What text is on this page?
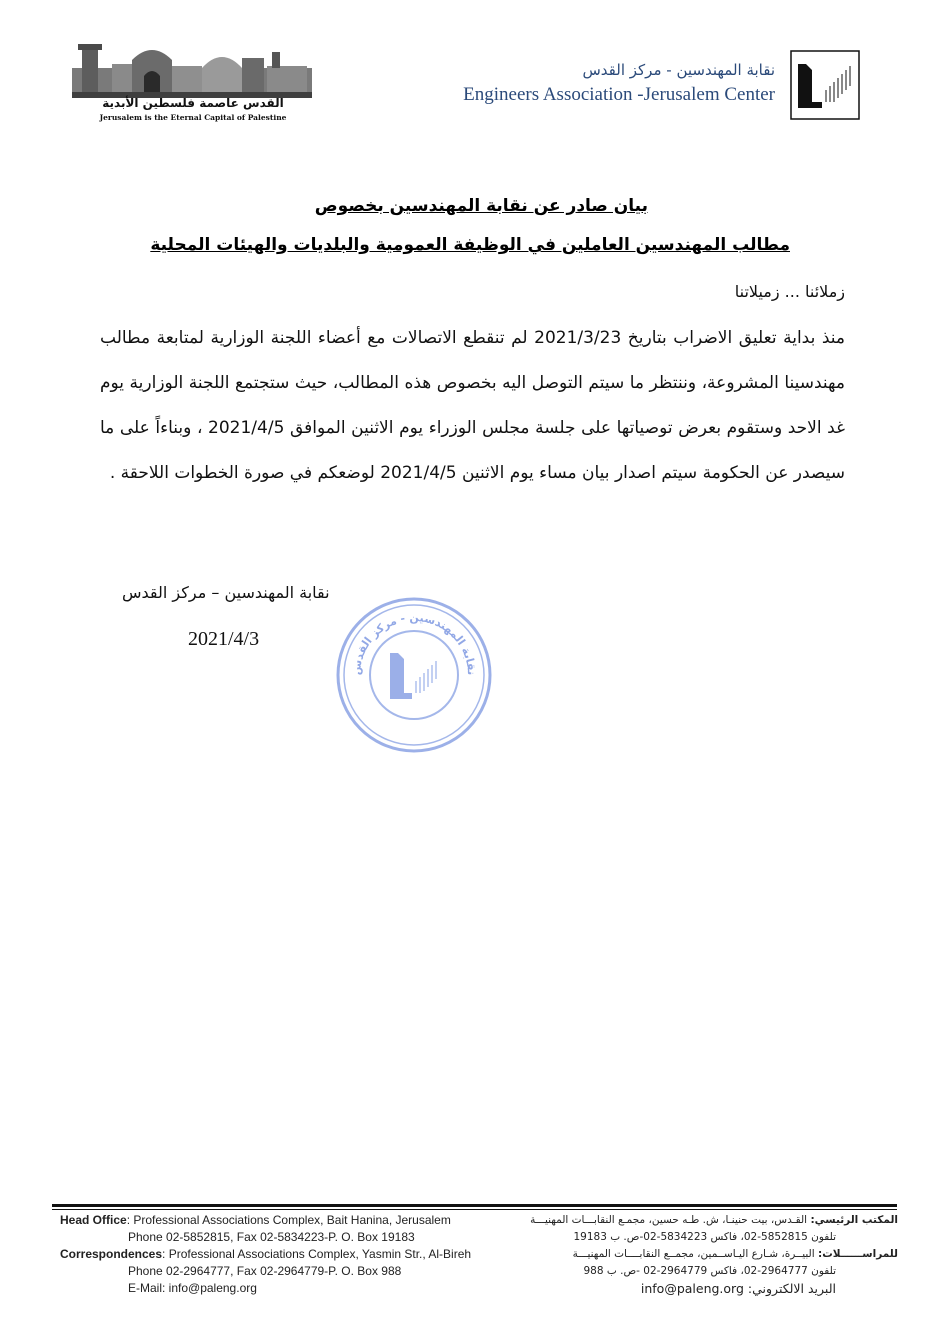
القدس عاصمة فلسطين الأبدية
Jerusalem is the Eternal Capital of Palestine
نقابة المهندسين - مركز القدس
Engineers Association -Jerusalem Center
بيان صادر عن نقابة المهندسين بخصوص
مطالب المهندسين العاملين في الوظيفة العمومية والبلديات والهيئات المحلية
زملائنا ... زميلاتنا
منذ بداية تعليق الاضراب بتاريخ 2021/3/23 لم تنقطع الاتصالات مع أعضاء اللجنة الوزارية لمتابعة مطالب مهندسينا المشروعة، وننتظر ما سيتم التوصل اليه بخصوص هذه المطالب، حيث ستجتمع اللجنة الوزارية يوم غد الاحد وستقوم بعرض توصياتها على جلسة مجلس الوزراء يوم الاثنين الموافق 2021/4/5 ، وبناءاً على ما سيصدر عن الحكومة سيتم اصدار بيان مساء يوم الاثنين 2021/4/5 لوضعكم في صورة الخطوات اللاحقة .
نقابة المهندسين – مركز القدس
2021/4/3
نقابة المهندسين - مركز القدس
Head Office: Professional Associations Complex, Bait Hanina, Jerusalem
Phone 02-5852815, Fax 02-5834223-P. O. Box 19183
Correspondences: Professional Associations Complex, Yasmin Str., Al-Bireh
Phone 02-2964777, Fax 02-2964779-P. O. Box 988
E-Mail: info@paleng.org
المكتب الرئيسي: القـدس، بيت حنينـا، ش. طـه حسين، مجمـع النقابـــات المهنيـــة
تلفون 5852815-02، فاكس 5834223-02-ص. ب 19183
للمراســــــلات: البيــرة، شـارع اليـاســمين، مجمــع النقابــــات المهنيـــة
تلفون 2964777-02، فاكس 2964779-02 -ص. ب 988
البريد الالكتروني: info@paleng.org
